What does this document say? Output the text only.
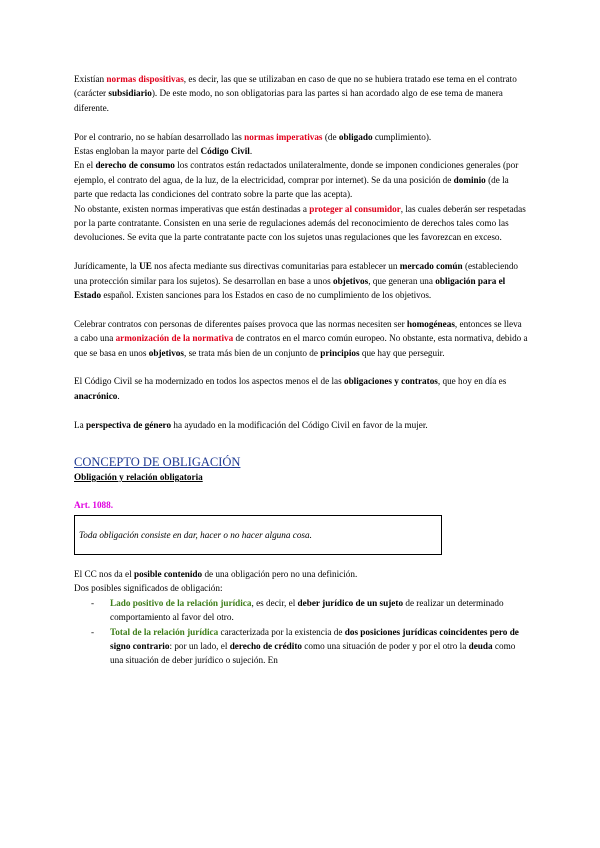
Existían normas dispositivas, es decir, las que se utilizaban en caso de que no se hubiera tratado ese tema en el contrato (carácter subsidiario). De este modo, no son obligatorias para las partes si han acordado algo de ese tema de manera diferente.

Por el contrario, no se habían desarrollado las normas imperativas (de obligado cumplimiento).

Estas engloban la mayor parte del Código Civil.

En el derecho de consumo los contratos están redactados unilateralmente, donde se imponen condiciones generales (por ejemplo, el contrato del agua, de la luz, de la electricidad, comprar por internet). Se da una posición de dominio (de la parte que redacta las condiciones del contrato sobre la parte que las acepta).

No obstante, existen normas imperativas que están destinadas a proteger al consumidor, las cuales deberán ser respetadas por la parte contratante. Consisten en una serie de regulaciones además del reconocimiento de derechos tales como las devoluciones. Se evita que la parte contratante pacte con los sujetos unas regulaciones que les favorezcan en exceso.

Jurídicamente, la UE nos afecta mediante sus directivas comunitarias para establecer un mercado común (estableciendo una protección similar para los sujetos). Se desarrollan en base a unos objetivos, que generan una obligación para el Estado español. Existen sanciones para los Estados en caso de no cumplimiento de los objetivos.

Celebrar contratos con personas de diferentes países provoca que las normas necesiten ser homogéneas, entonces se lleva a cabo una armonización de la normativa de contratos en el marco común europeo. No obstante, esta normativa, debido a que se basa en unos objetivos, se trata más bien de un conjunto de principios que hay que perseguir.

El Código Civil se ha modernizado en todos los aspectos menos el de las obligaciones y contratos, que hoy en día es anacrónico.

La perspectiva de género ha ayudado en la modificación del Código Civil en favor de la mujer.

CONCEPTO DE OBLIGACIÓN

Obligación y relación obligatoria

Art. 1088.

Toda obligación consiste en dar, hacer o no hacer alguna cosa.

El CC nos da el posible contenido de una obligación pero no una definición.

Dos posibles significados de obligación:

- Lado positivo de la relación jurídica, es decir, el deber jurídico de un sujeto de realizar un determinado comportamiento al favor del otro.
- Total de la relación jurídica caracterizada por la existencia de dos posiciones jurídicas coincidentes pero de signo contrario: por un lado, el derecho de crédito como una situación de poder y por el otro la deuda como una situación de deber jurídico o sujeción. En
